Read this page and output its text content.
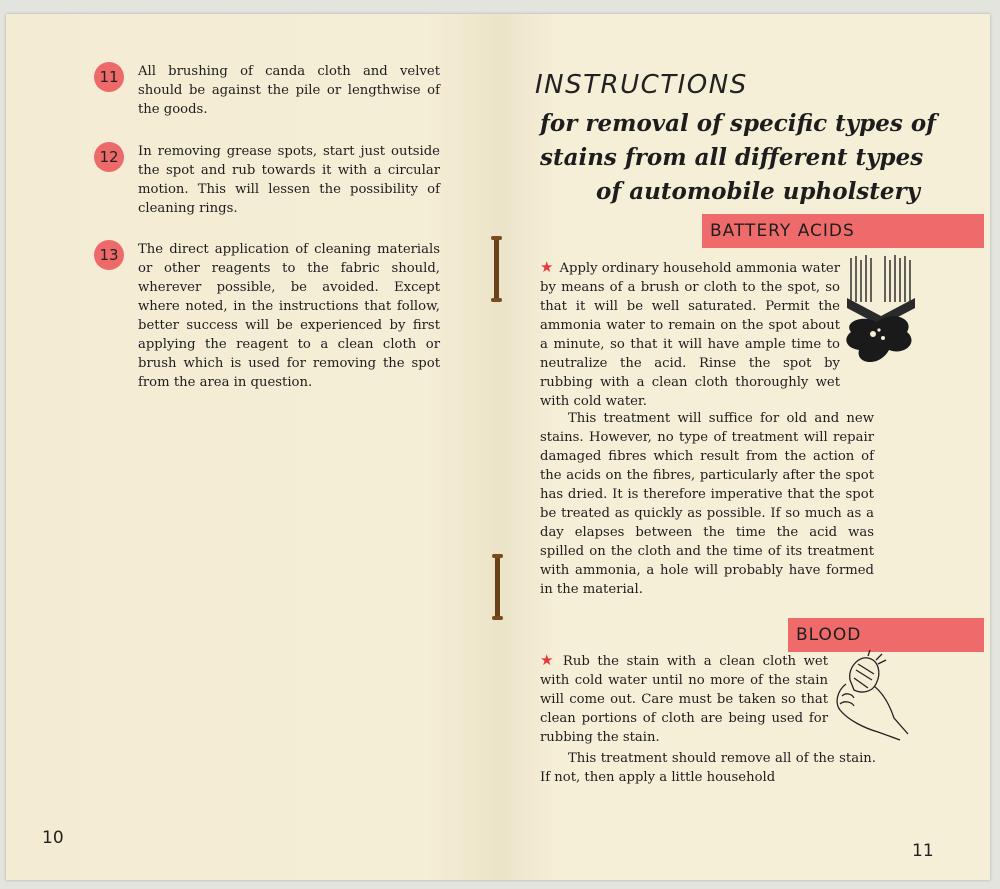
11	All brushing of canda cloth and velvet should be against the pile or lengthwise of the goods.

12	In removing grease spots, start just outside the spot and rub towards it with a circular motion. This will lessen the possibility of cleaning rings.

13	The direct application of cleaning materials or other reagents to the fabric should, wherever possible, be avoided. Except where noted, in the instructions that follow, better success will be experienced by first applying the reagent to a clean cloth or brush which is used for removing the spot from the area in question.

10
INSTRUCTIONS

for removal of specific types of

stains from all different types

of automobile upholstery

BATTERY ACIDS

★ Apply ordinary household ammonia water by means of a brush or cloth to the spot, so that it will be well saturated. Permit the ammonia water to remain on the spot about a minute, so that it will have ample time to neutralize the acid. Rinse the spot by rubbing with a clean cloth thoroughly wet with cold water.

This treatment will suffice for old and new stains. However, no type of treatment will repair damaged fibres which result from the action of the acids on the fibres, particularly after the spot has dried. It is therefore imperative that the spot be treated as quickly as possible. If so much as a day elapses between the time the acid was spilled on the cloth and the time of its treatment with ammonia, a hole will probably have formed in the material.

BLOOD

★ Rub the stain with a clean cloth wet with cold water until no more of the stain will come out. Care must be taken so that clean portions of cloth are being used for rubbing the stain.

This treatment should remove all of the stain. If not, then apply a little household

11
